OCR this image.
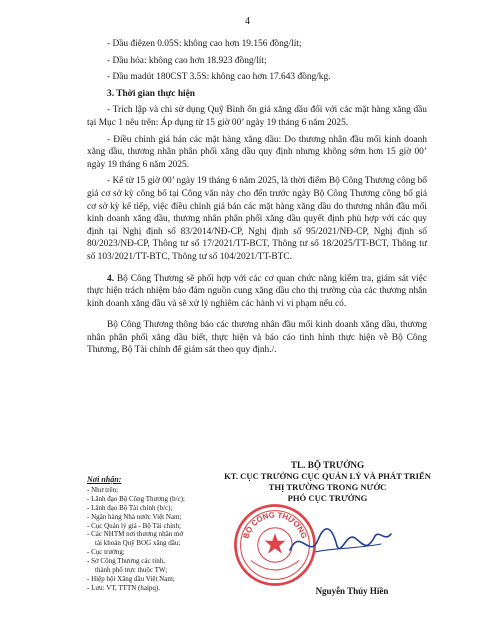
4

- Dầu điêzen 0.05S: không cao hơn 19.156 đồng/lít;

- Dầu hỏa: không cao hơn 18.923 đồng/lít;

- Dầu madút 180CST 3.5S: không cao hơn 17.643 đồng/kg.

3. Thời gian thực hiện

- Trích lập và chi sử dụng Quỹ Bình ổn giá xăng dầu đối với các mặt hàng xăng dầu tại Mục 1 nêu trên: Áp dụng từ 15 giờ 00’ ngày 19 tháng 6 năm 2025.

- Điều chỉnh giá bán các mặt hàng xăng dầu: Do thương nhân đầu mối kinh doanh xăng dầu, thương nhân phân phối xăng dầu quy định nhưng không sớm hơn 15 giờ 00’ ngày 19 tháng 6 năm 2025.

- Kể từ 15 giờ 00’ ngày 19 tháng 6 năm 2025, là thời điểm Bộ Công Thương công bố giá cơ sở kỳ công bố tại Công văn này cho đến trước ngày Bộ Công Thương công bố giá cơ sở kỳ kế tiếp, việc điều chỉnh giá bán các mặt hàng xăng dầu do thương nhân đầu mối kinh doanh xăng dầu, thương nhân phân phối xăng dầu quyết định phù hợp với các quy định tại Nghị định số 83/2014/NĐ-CP, Nghị định số 95/2021/NĐ-CP, Nghị định số 80/2023/NĐ-CP, Thông tư số 17/2021/TT-BCT, Thông tư số 18/2025/TT-BCT, Thông tư số 103/2021/TT-BTC, Thông tư số 104/2021/TT-BTC.

4. Bộ Công Thương sẽ phối hợp với các cơ quan chức năng kiểm tra, giám sát việc thực hiện trách nhiệm bảo đảm nguồn cung xăng dầu cho thị trường của các thương nhân kinh doanh xăng dầu và sẽ xử lý nghiêm các hành vi vi phạm nếu có.

Bộ Công Thương thông báo các thương nhân đầu mối kinh doanh xăng dầu, thương nhân phân phối xăng dầu biết, thực hiện và báo cáo tình hình thực hiện về Bộ Công Thương, Bộ Tài chính để giám sát theo quy định./.

Nơi nhận:

- Như trên;

- Lãnh đạo Bộ Công Thương (b/c);

- Lãnh đạo Bộ Tài chính (b/c);

- Ngân hàng Nhà nước Việt Nam;

- Cục Quản lý giá - Bộ Tài chính;

- Các NHTM nơi thương nhân mở

tài khoản Quỹ BOG xăng dầu;

- Cục trưởng;

- Sở Công Thương các tỉnh,

thành phố trực thuộc TW;

- Hiệp hội Xăng dầu Việt Nam;

- Lưu: VT, TTTN (haipq).

TL. BỘ TRƯỞNG
KT. CỤC TRƯỞNG CỤC QUẢN LÝ VÀ PHÁT TRIỂN
THỊ TRƯỜNG TRONG NƯỚC
PHÓ CỤC TRƯỞNG
BỘ CÔNG THƯƠNG
Nguyễn Thúy Hiền
